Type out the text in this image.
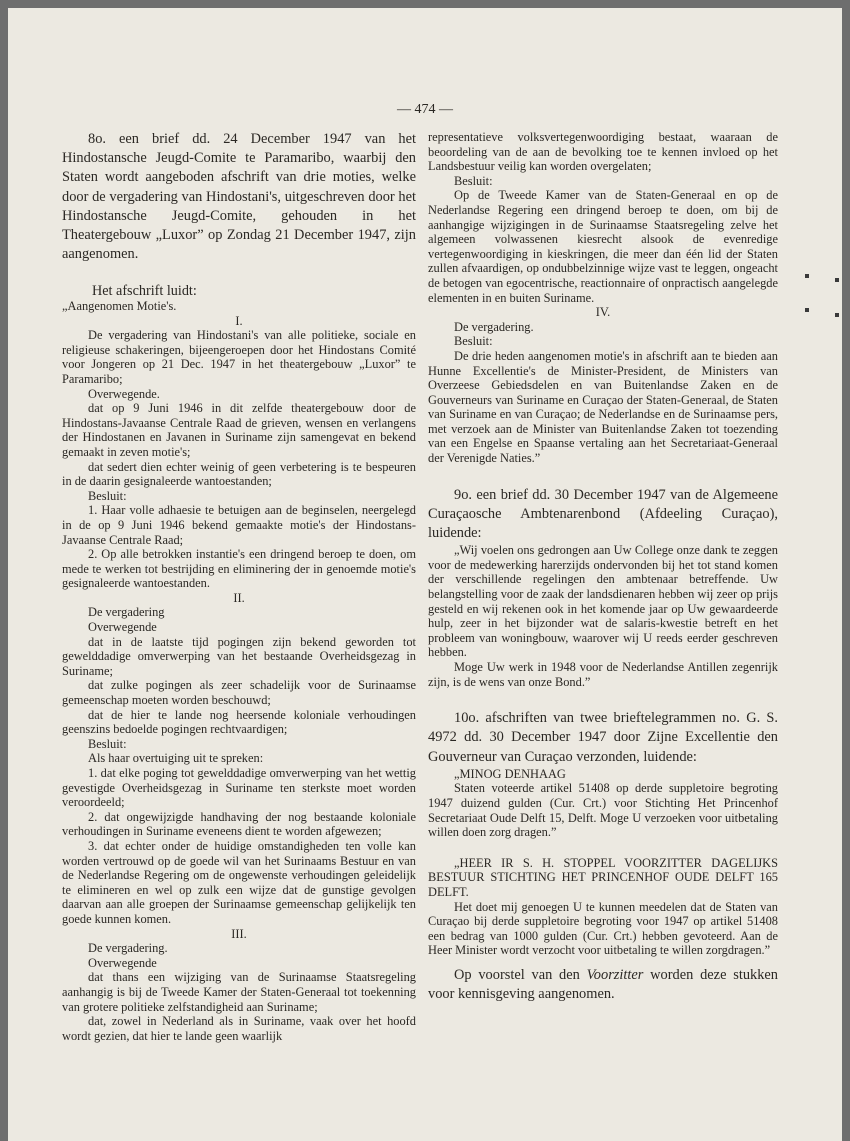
— 474 —

8o. een brief dd. 24 December 1947 van het Hindostansche Jeugd-Comite te Paramaribo, waarbij den Staten wordt aangeboden afschrift van drie moties, welke door de vergadering van Hindostani's, uitgeschreven door het Hindostansche Jeugd-Comite, gehouden in het Theatergebouw „Luxor” op Zondag 21 December 1947, zijn aangenomen.

Het afschrift luidt:

„Aangenomen Motie's.

I.

De vergadering van Hindostani's van alle politieke, sociale en religieuse schakeringen, bijeengeroepen door het Hindostans Comité voor Jongeren op 21 Dec. 1947 in het theatergebouw „Luxor” te Paramaribo;

Overwegende.

dat op 9 Juni 1946 in dit zelfde theatergebouw door de Hindostans-Javaanse Centrale Raad de grieven, wensen en verlangens der Hindostanen en Javanen in Suriname zijn samengevat en bekend gemaakt in zeven motie's;

dat sedert dien echter weinig of geen verbetering is te bespeuren in de daarin gesignaleerde wantoestanden;

Besluit:

1. Haar volle adhaesie te betuigen aan de beginselen, neergelegd in de op 9 Juni 1946 bekend gemaakte motie's der Hindostans-Javaanse Centrale Raad;

2. Op alle betrokken instantie's een dringend beroep te doen, om mede te werken tot bestrijding en eliminering der in genoemde motie's gesignaleerde wantoestanden.

II.

De vergadering

Overwegende

dat in de laatste tijd pogingen zijn bekend geworden tot gewelddadige omverwerping van het bestaande Overheidsgezag in Suriname;

dat zulke pogingen als zeer schadelijk voor de Surinaamse gemeenschap moeten worden beschouwd;

dat de hier te lande nog heersende koloniale verhoudingen geenszins bedoelde pogingen rechtvaardigen;

Besluit:

Als haar overtuiging uit te spreken:

1. dat elke poging tot gewelddadige omverwerping van het wettig gevestigde Overheidsgezag in Suriname ten sterkste moet worden veroordeeld;

2. dat ongewijzigde handhaving der nog bestaande koloniale verhoudingen in Suriname eveneens dient te worden afgewezen;

3. dat echter onder de huidige omstandigheden ten volle kan worden vertrouwd op de goede wil van het Surinaams Bestuur en van de Nederlandse Regering om de ongewenste verhoudingen geleidelijk te elimineren en wel op zulk een wijze dat de gunstige gevolgen daarvan aan alle groepen der Surinaamse gemeenschap gelijkelijk ten goede kunnen komen.

III.

De vergadering.

Overwegende

dat thans een wijziging van de Surinaamse Staatsregeling aanhangig is bij de Tweede Kamer der Staten-Generaal tot toekenning van grotere politieke zelfstandigheid aan Suriname;

dat, zowel in Nederland als in Suriname, vaak over het hoofd wordt gezien, dat hier te lande geen waarlijk

representatieve volksvertegenwoordiging bestaat, waaraan de beoordeling van de aan de bevolking toe te kennen invloed op het Landsbestuur veilig kan worden overgelaten;

Besluit:

Op de Tweede Kamer van de Staten-Generaal en op de Nederlandse Regering een dringend beroep te doen, om bij de aanhangige wijzigingen in de Surinaamse Staatsregeling zelve het algemeen volwassenen kiesrecht alsook de evenredige vertegenwoordiging in kieskringen, die meer dan één lid der Staten zullen afvaardigen, op ondubbelzinnige wijze vast te leggen, ongeacht de betogen van egocentrische, reactionnaire of onpractisch aangelegde elementen in en buiten Suriname.

IV.

De vergadering.

Besluit:

De drie heden aangenomen motie's in afschrift aan te bieden aan Hunne Excellentie's de Minister-President, de Ministers van Overzeese Gebiedsdelen en van Buitenlandse Zaken en de Gouverneurs van Suriname en Curaçao der Staten-Generaal, de Staten van Suriname en van Curaçao; de Nederlandse en de Surinaamse pers, met verzoek aan de Minister van Buitenlandse Zaken tot toezending van een Engelse en Spaanse vertaling aan het Secretariaat-Generaal der Verenigde Naties.”

9o. een brief dd. 30 December 1947 van de Algemeene Curaçaosche Ambtenarenbond (Afdeeling Curaçao), luidende:

„Wij voelen ons gedrongen aan Uw College onze dank te zeggen voor de medewerking harerzijds ondervonden bij het tot stand komen der verschillende regelingen den ambtenaar betreffende. Uw belangstelling voor de zaak der landsdienaren hebben wij zeer op prijs gesteld en wij rekenen ook in het komende jaar op Uw gewaardeerde hulp, zeer in het bijzonder wat de salaris-kwestie betreft en het probleem van woningbouw, waarover wij U reeds eerder geschreven hebben.

Moge Uw werk in 1948 voor de Nederlandse Antillen zegenrijk zijn, is de wens van onze Bond.”

10o. afschriften van twee brieftelegrammen no. G. S. 4972 dd. 30 December 1947 door Zijne Excellentie den Gouverneur van Curaçao verzonden, luidende:

„MINOG DENHAAG

Staten voteerde artikel 51408 op derde suppletoire begroting 1947 duizend gulden (Cur. Crt.) voor Stichting Het Princenhof Secretariaat Oude Delft 15, Delft. Moge U verzoeken voor uitbetaling willen doen zorg dragen.”

„HEER IR S. H. STOPPEL VOORZITTER DAGELIJKS BESTUUR STICHTING HET PRINCENHOF OUDE DELFT 165 DELFT.

Het doet mij genoegen U te kunnen meedelen dat de Staten van Curaçao bij derde suppletoire begroting voor 1947 op artikel 51408 een bedrag van 1000 gulden (Cur. Crt.) hebben gevoteerd. Aan de Heer Minister wordt verzocht voor uitbetaling te willen zorgdragen.”

Op voorstel van den Voorzitter worden deze stukken voor kennisgeving aangenomen.
